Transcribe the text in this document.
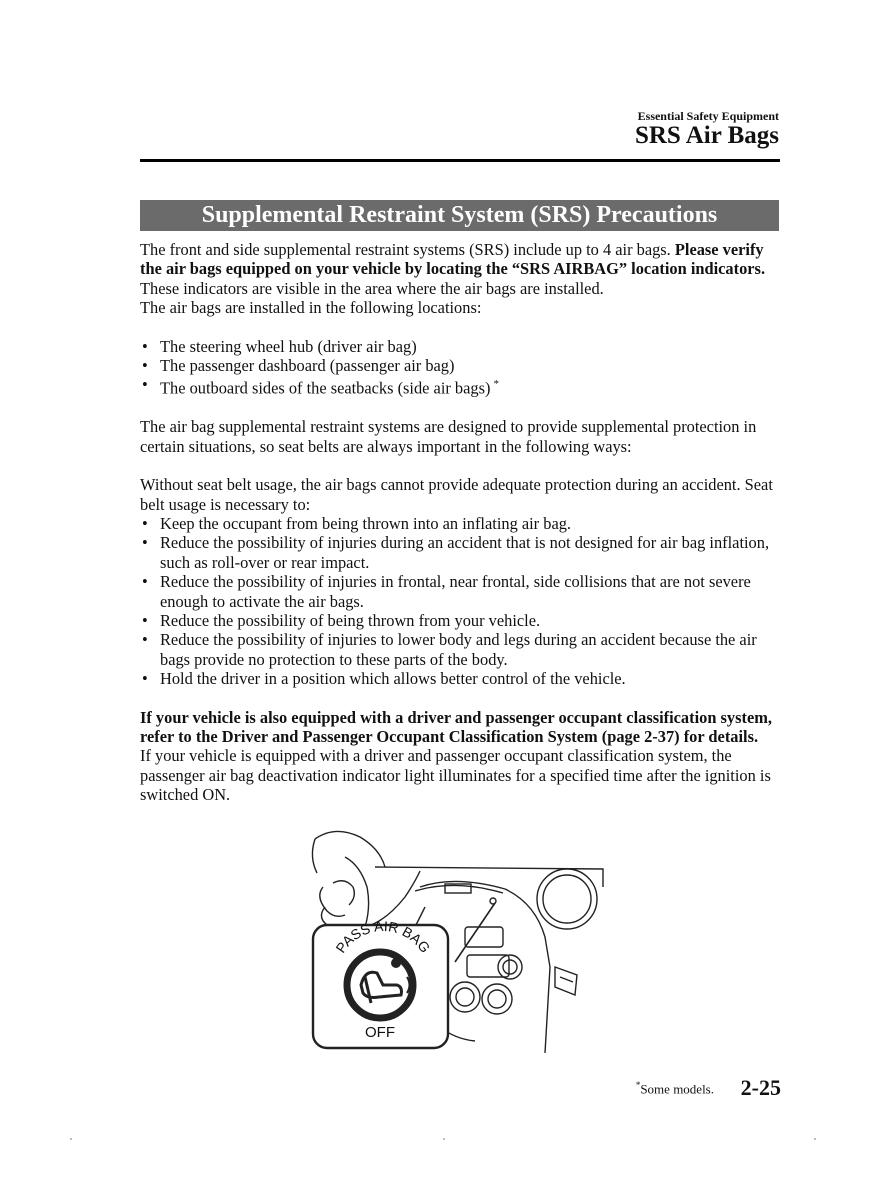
Essential Safety Equipment
SRS Air Bags
Supplemental Restraint System (SRS) Precautions

The front and side supplemental restraint systems (SRS) include up to 4 air bags. Please verify the air bags equipped on your vehicle by locating the “SRS AIRBAG” location indicators. These indicators are visible in the area where the air bags are installed.

The air bags are installed in the following locations:

• The steering wheel hub (driver air bag)
• The passenger dashboard (passenger air bag)
• The outboard sides of the seatbacks (side air bags) *

The air bag supplemental restraint systems are designed to provide supplemental protection in certain situations, so seat belts are always important in the following ways:

Without seat belt usage, the air bags cannot provide adequate protection during an accident. Seat belt usage is necessary to:

• Keep the occupant from being thrown into an inflating air bag.
• Reduce the possibility of injuries during an accident that is not designed for air bag inflation, such as roll-over or rear impact.
• Reduce the possibility of injuries in frontal, near frontal, side collisions that are not severe enough to activate the air bags.
• Reduce the possibility of being thrown from your vehicle.
• Reduce the possibility of injuries to lower body and legs during an accident because the air bags provide no protection to these parts of the body.
• Hold the driver in a position which allows better control of the vehicle.

If your vehicle is also equipped with a driver and passenger occupant classification system, refer to the Driver and Passenger Occupant Classification System (page 2-37) for details.

If your vehicle is equipped with a driver and passenger occupant classification system, the passenger air bag deactivation indicator light illuminates for a specified time after the ignition is switched ON.

PASS AIR BAG
OFF
*Some models. 2-25
